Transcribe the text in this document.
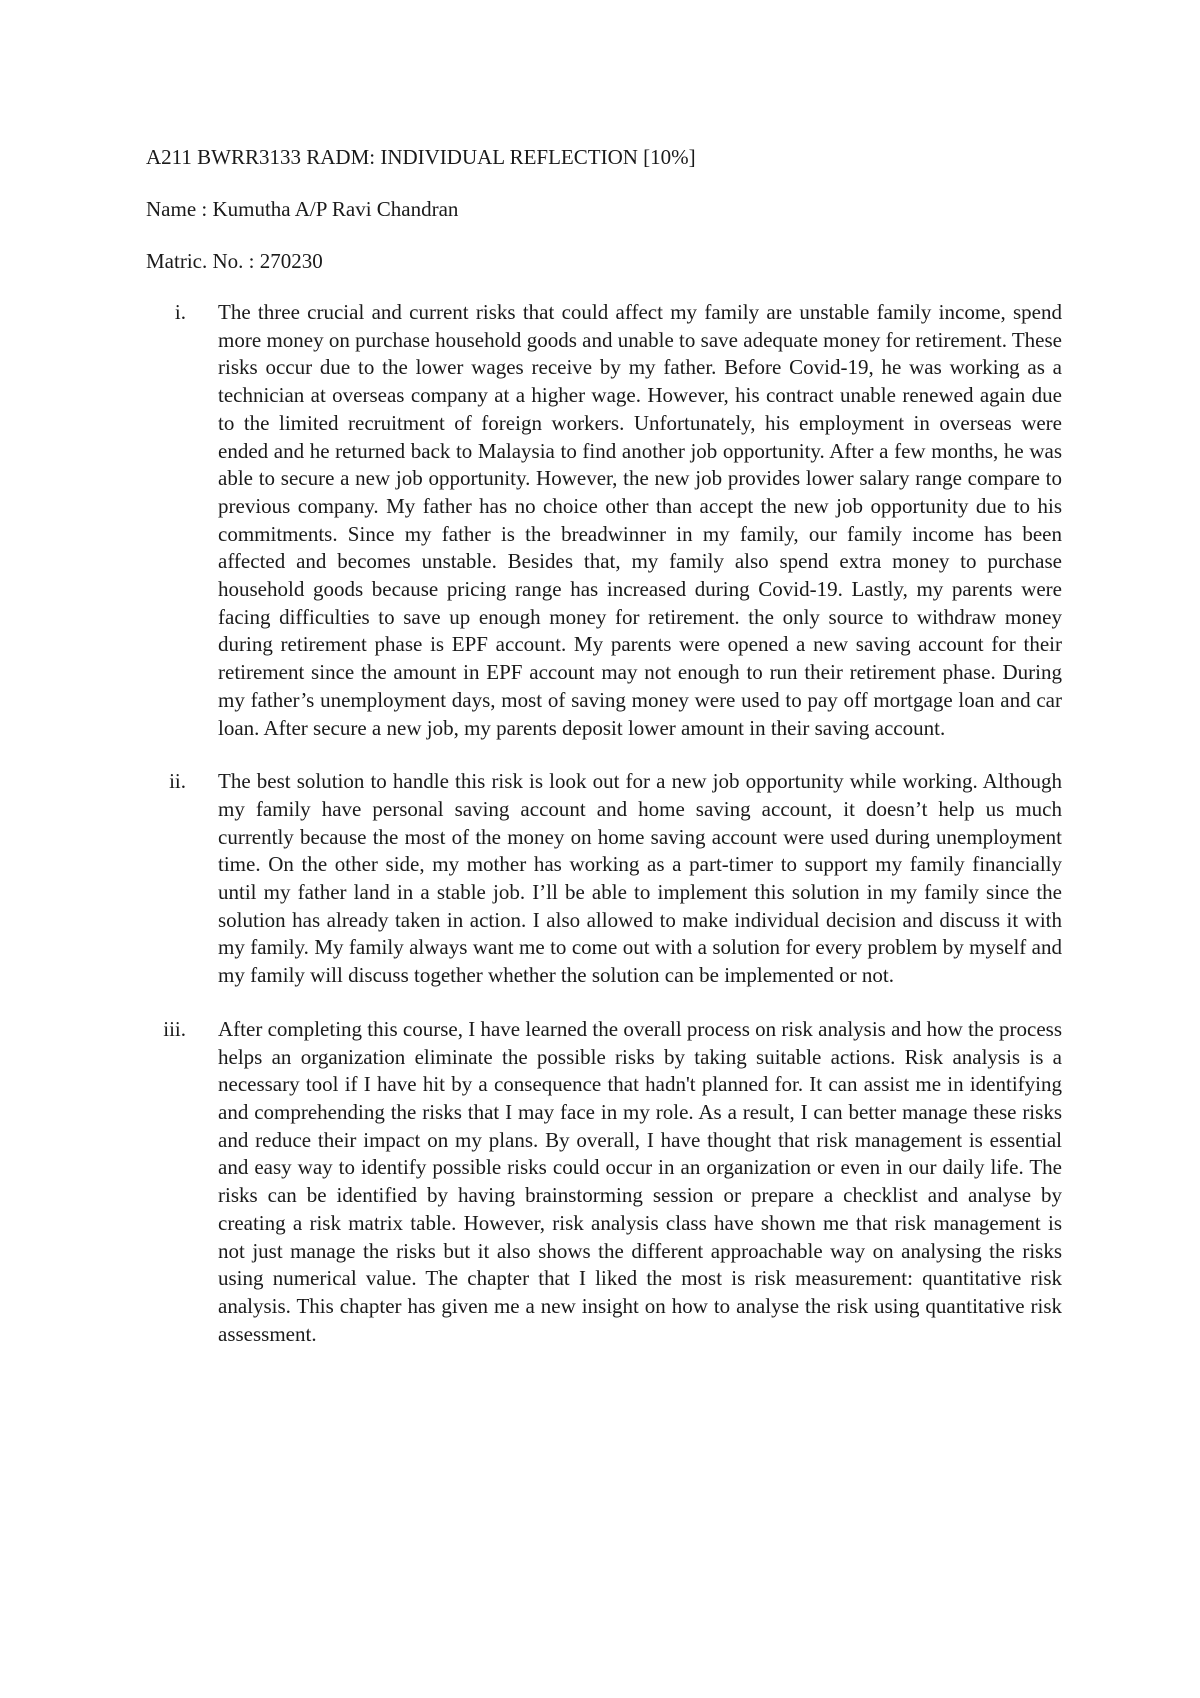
A211 BWRR3133 RADM: INDIVIDUAL REFLECTION [10%]
Name : Kumutha A/P Ravi Chandran
Matric. No. : 270230
i. The three crucial and current risks that could affect my family are unstable family income, spend more money on purchase household goods and unable to save adequate money for retirement. These risks occur due to the lower wages receive by my father. Before Covid-19, he was working as a technician at overseas company at a higher wage. However, his contract unable renewed again due to the limited recruitment of foreign workers. Unfortunately, his employment in overseas were ended and he returned back to Malaysia to find another job opportunity. After a few months, he was able to secure a new job opportunity. However, the new job provides lower salary range compare to previous company. My father has no choice other than accept the new job opportunity due to his commitments. Since my father is the breadwinner in my family, our family income has been affected and becomes unstable. Besides that, my family also spend extra money to purchase household goods because pricing range has increased during Covid-19. Lastly, my parents were facing difficulties to save up enough money for retirement. the only source to withdraw money during retirement phase is EPF account. My parents were opened a new saving account for their retirement since the amount in EPF account may not enough to run their retirement phase. During my father’s unemployment days, most of saving money were used to pay off mortgage loan and car loan. After secure a new job, my parents deposit lower amount in their saving account.

ii. The best solution to handle this risk is look out for a new job opportunity while working. Although my family have personal saving account and home saving account, it doesn’t help us much currently because the most of the money on home saving account were used during unemployment time. On the other side, my mother has working as a part-timer to support my family financially until my father land in a stable job. I’ll be able to implement this solution in my family since the solution has already taken in action. I also allowed to make individual decision and discuss it with my family. My family always want me to come out with a solution for every problem by myself and my family will discuss together whether the solution can be implemented or not.

iii. After completing this course, I have learned the overall process on risk analysis and how the process helps an organization eliminate the possible risks by taking suitable actions. Risk analysis is a necessary tool if I have hit by a consequence that hadn't planned for. It can assist me in identifying and comprehending the risks that I may face in my role. As a result, I can better manage these risks and reduce their impact on my plans. By overall, I have thought that risk management is essential and easy way to identify possible risks could occur in an organization or even in our daily life. The risks can be identified by having brainstorming session or prepare a checklist and analyse by creating a risk matrix table. However, risk analysis class have shown me that risk management is not just manage the risks but it also shows the different approachable way on analysing the risks using numerical value. The chapter that I liked the most is risk measurement: quantitative risk analysis. This chapter has given me a new insight on how to analyse the risk using quantitative risk assessment.
